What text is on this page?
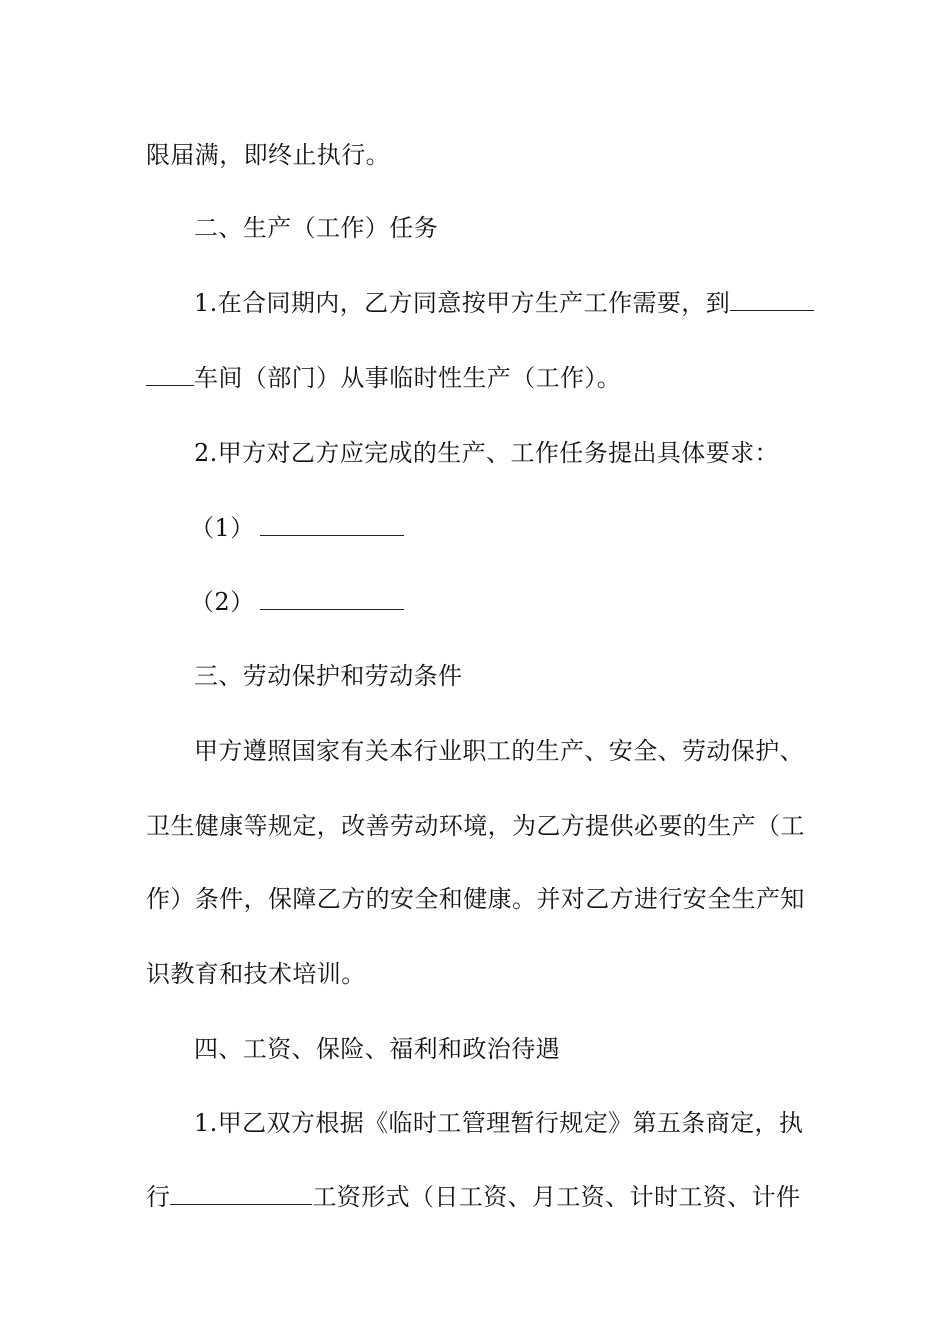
限届满，即终止执行。
二、生产（工作）任务
1.在合同期内，乙方同意按甲方生产工作需要，到
车间（部门）从事临时性生产（工作）。
2.甲方对乙方应完成的生产、工作任务提出具体要求：
（1）
（2）
三、劳动保护和劳动条件
甲方遵照国家有关本行业职工的生产、安全、劳动保护、
卫生健康等规定，改善劳动环境，为乙方提供必要的生产（工
作）条件，保障乙方的安全和健康。并对乙方进行安全生产知
识教育和技术培训。
四、工资、保险、福利和政治待遇
1.甲乙双方根据《临时工管理暂行规定》第五条商定，执
行	工资形式（日工资、月工资、计时工资、计件
